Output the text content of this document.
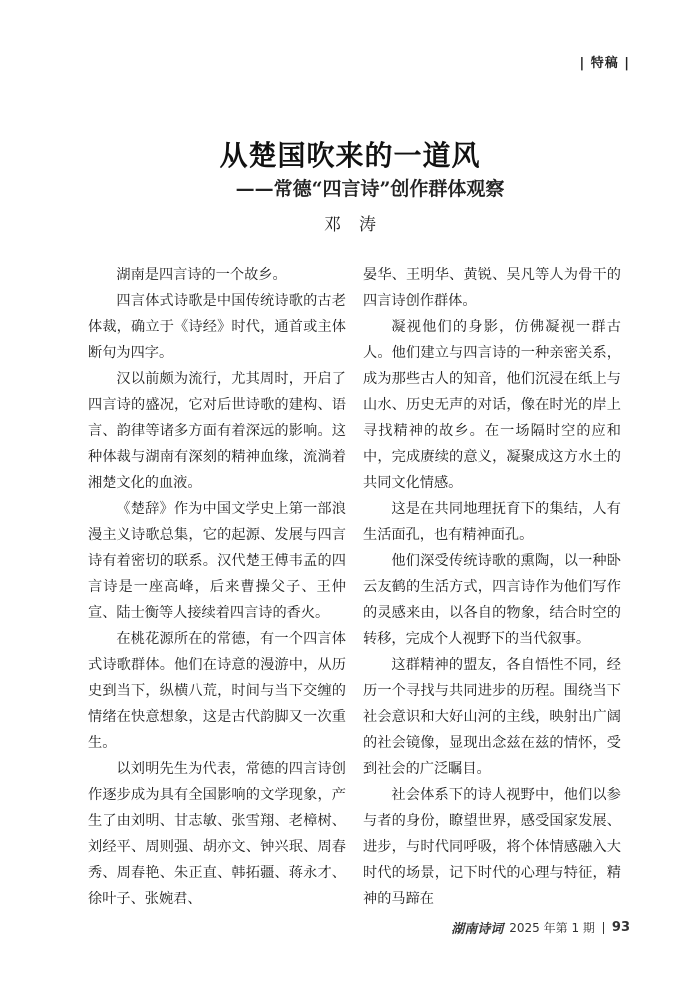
| 特稿 |
从楚国吹来的一道风
——常德“四言诗”创作群体观察
邓涛

湖南是四言诗的一个故乡。

四言体式诗歌是中国传统诗歌的古老体裁，确立于《诗经》时代，通首或主体断句为四字。

汉以前颇为流行，尤其周时，开启了四言诗的盛况，它对后世诗歌的建构、语言、韵律等诸多方面有着深远的影响。这种体裁与湖南有深刻的精神血缘，流淌着湘楚文化的血液。

《楚辞》作为中国文学史上第一部浪漫主义诗歌总集，它的起源、发展与四言诗有着密切的联系。汉代楚王傅韦孟的四言诗是一座高峰，后来曹操父子、王仲宣、陆士衡等人接续着四言诗的香火。

在桃花源所在的常德，有一个四言体式诗歌群体。他们在诗意的漫游中，从历史到当下，纵横八荒，时间与当下交缠的情绪在快意想象，这是古代韵脚又一次重生。

以刘明先生为代表，常德的四言诗创作逐步成为具有全国影响的文学现象，产生了由刘明、甘志敏、张雪翔、老樟树、刘经平、周则强、胡亦文、钟兴珉、周春秀、周春艳、朱正直、韩拓疆、蒋永才、徐叶子、张婉君、

晏华、王明华、黄锐、吴凡等人为骨干的四言诗创作群体。

凝视他们的身影，仿佛凝视一群古人。他们建立与四言诗的一种亲密关系，成为那些古人的知音，他们沉浸在纸上与山水、历史无声的对话，像在时光的岸上寻找精神的故乡。在一场隔时空的应和中，完成赓续的意义，凝聚成这方水土的共同文化情感。

这是在共同地理抚育下的集结，人有生活面孔，也有精神面孔。

他们深受传统诗歌的熏陶，以一种卧云友鹤的生活方式，四言诗作为他们写作的灵感来由，以各自的物象，结合时空的转移，完成个人视野下的当代叙事。

这群精神的盟友，各自悟性不同，经历一个寻找与共同进步的历程。围绕当下社会意识和大好山河的主线，映射出广阔的社会镜像，显现出念兹在兹的情怀，受到社会的广泛瞩目。

社会体系下的诗人视野中，他们以参与者的身份，瞭望世界，感受国家发展、进步，与时代同呼吸，将个体情感融入大时代的场景，记下时代的心理与特征，精神的马蹄在

湖南诗词 2025 年第 1 期 93
